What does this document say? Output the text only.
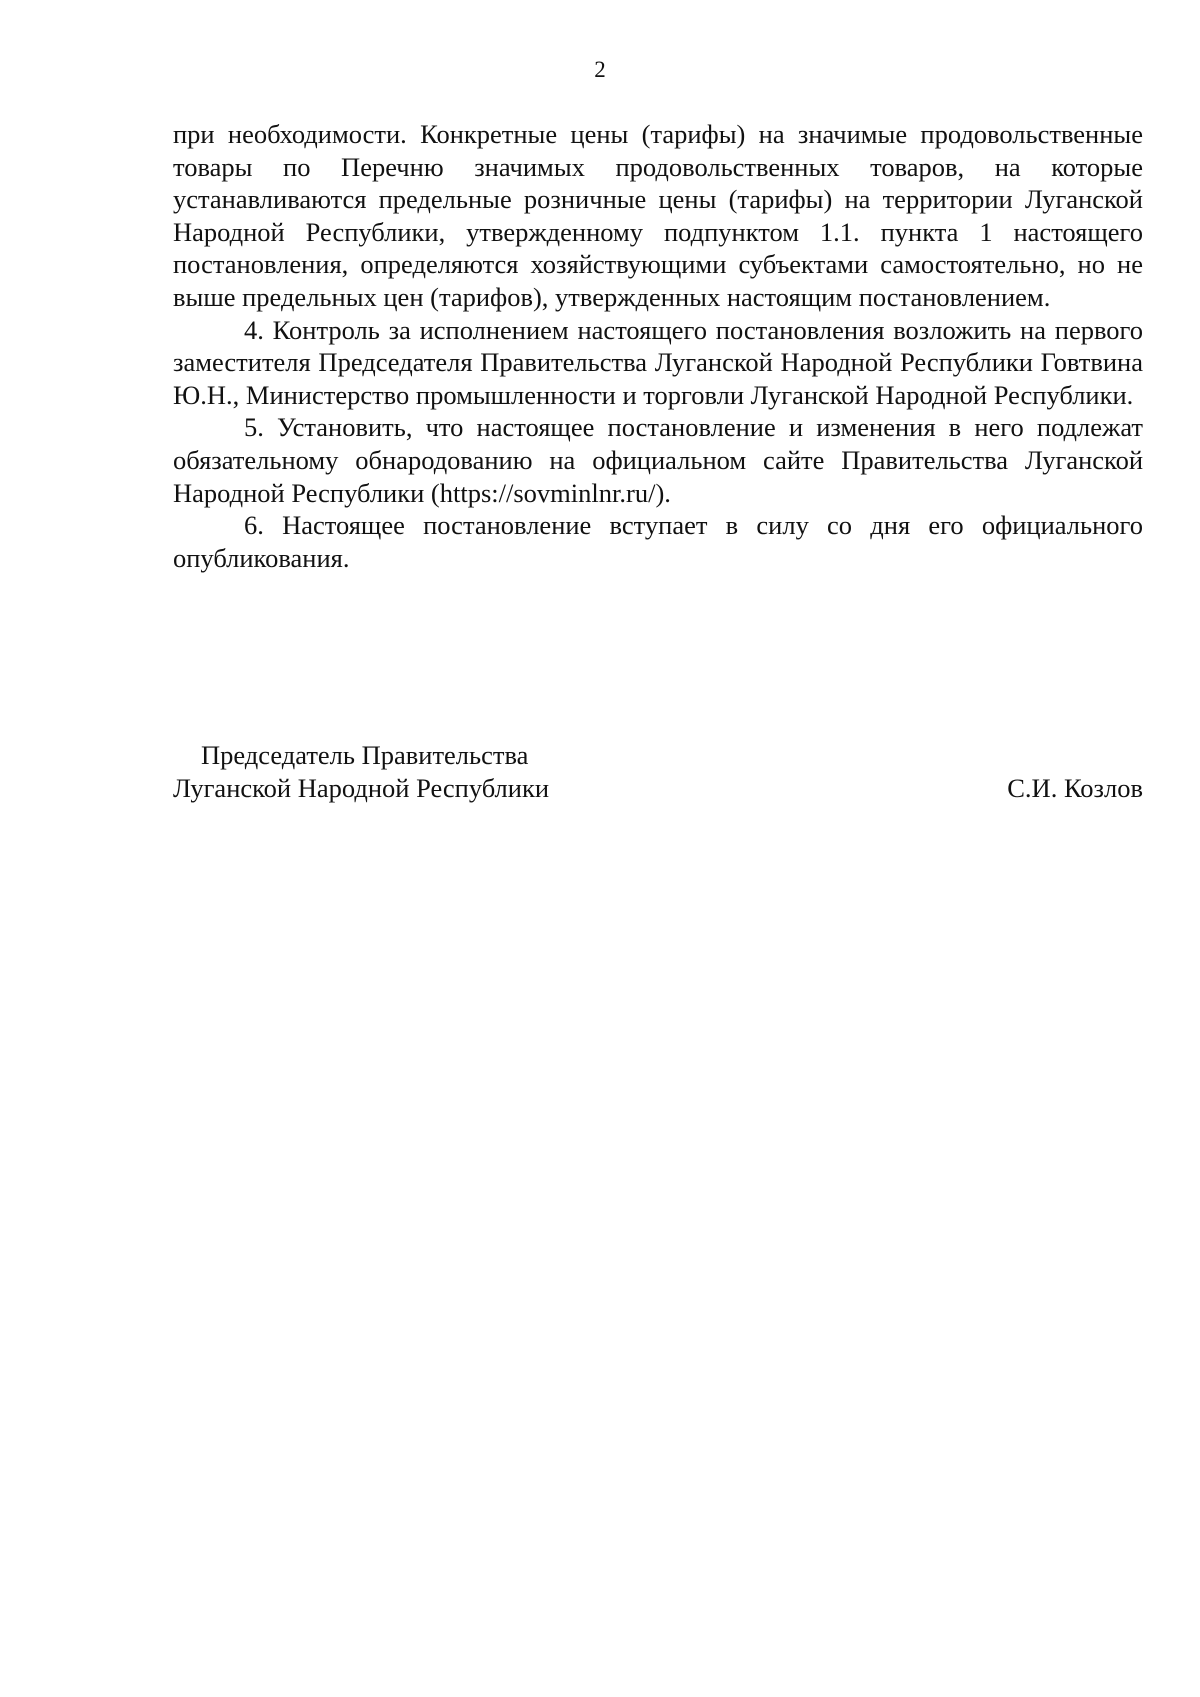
2

при необходимости. Конкретные цены (тарифы) на значимые продовольственные товары по Перечню значимых продовольственных товаров, на которые устанавливаются предельные розничные цены (тарифы) на территории Луганской Народной Республики, утвержденному подпунктом 1.1. пункта 1 настоящего постановления, определяются хозяйствующими субъектами самостоятельно, но не выше предельных цен (тарифов), утвержденных настоящим постановлением.

4. Контроль за исполнением настоящего постановления возложить на первого заместителя Председателя Правительства Луганской Народной Республики Говтвина Ю.Н., Министерство промышленности и торговли Луганской Народной Республики.

5. Установить, что настоящее постановление и изменения в него подлежат обязательному обнародованию на официальном сайте Правительства Луганской Народной Республики (https://sovminlnr.ru/).

6. Настоящее постановление вступает в силу со дня его официального опубликования.

Председатель Правительства
Луганской Народной Республики	С.И. Козлов
